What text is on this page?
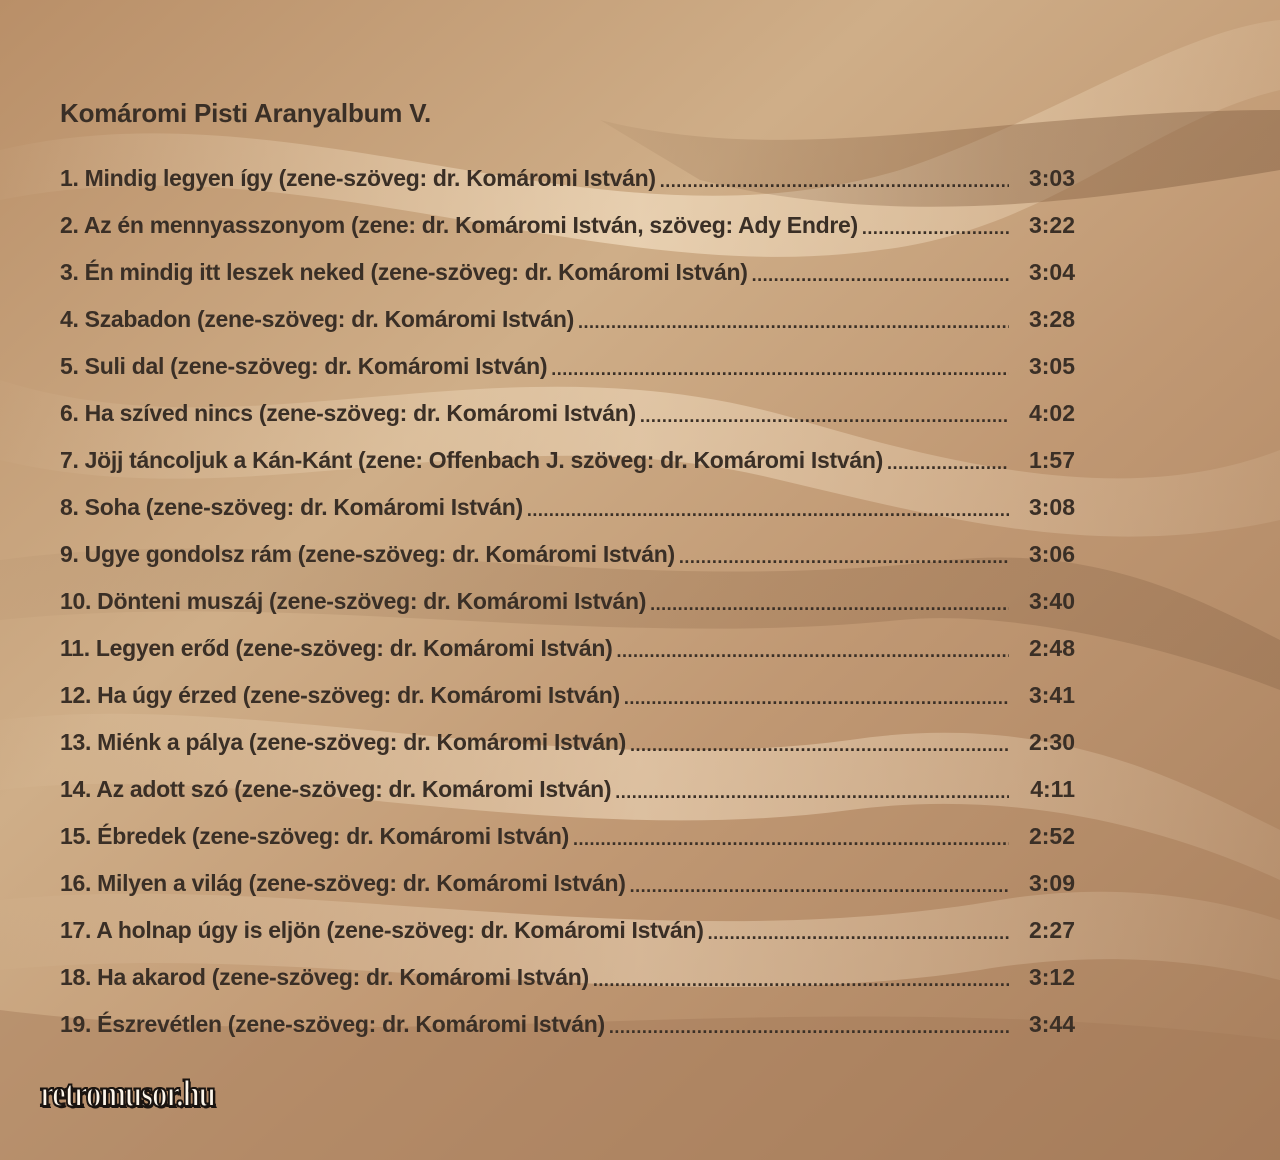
Komáromi Pisti Aranyalbum V.
1. Mindig legyen így (zene-szöveg: dr. Komáromi István) .....	3:03
2. Az én mennyasszonyom (zene: dr. Komáromi István, szöveg: Ady Endre) .....	3:22
3. Én mindig itt leszek neked (zene-szöveg: dr. Komáromi István) .....	3:04
4. Szabadon (zene-szöveg: dr. Komáromi István) .....	3:28
5. Suli dal (zene-szöveg: dr. Komáromi István) .....	3:05
6. Ha szíved nincs (zene-szöveg: dr. Komáromi István) .....	4:02
7. Jöjj táncoljuk a Kán-Kánt (zene: Offenbach J. szöveg: dr. Komáromi István) .....	1:57
8. Soha (zene-szöveg: dr. Komáromi István) .....	3:08
9. Ugye gondolsz rám (zene-szöveg: dr. Komáromi István) .....	3:06
10. Dönteni muszáj (zene-szöveg: dr. Komáromi István) .....	3:40
11. Legyen erőd (zene-szöveg: dr. Komáromi István) .....	2:48
12. Ha úgy érzed (zene-szöveg: dr. Komáromi István) .....	3:41
13. Miénk a pálya (zene-szöveg: dr. Komáromi István) .....	2:30
14. Az adott szó (zene-szöveg: dr. Komáromi István) .....	4:11
15. Ébredek (zene-szöveg: dr. Komáromi István) .....	2:52
16. Milyen a világ (zene-szöveg: dr. Komáromi István) .....	3:09
17. A holnap úgy is eljön (zene-szöveg: dr. Komáromi István) .....	2:27
18. Ha akarod (zene-szöveg: dr. Komáromi István) .....	3:12
19. Észrevétlen (zene-szöveg: dr. Komáromi István) .....	3:44
retromusor.hu
